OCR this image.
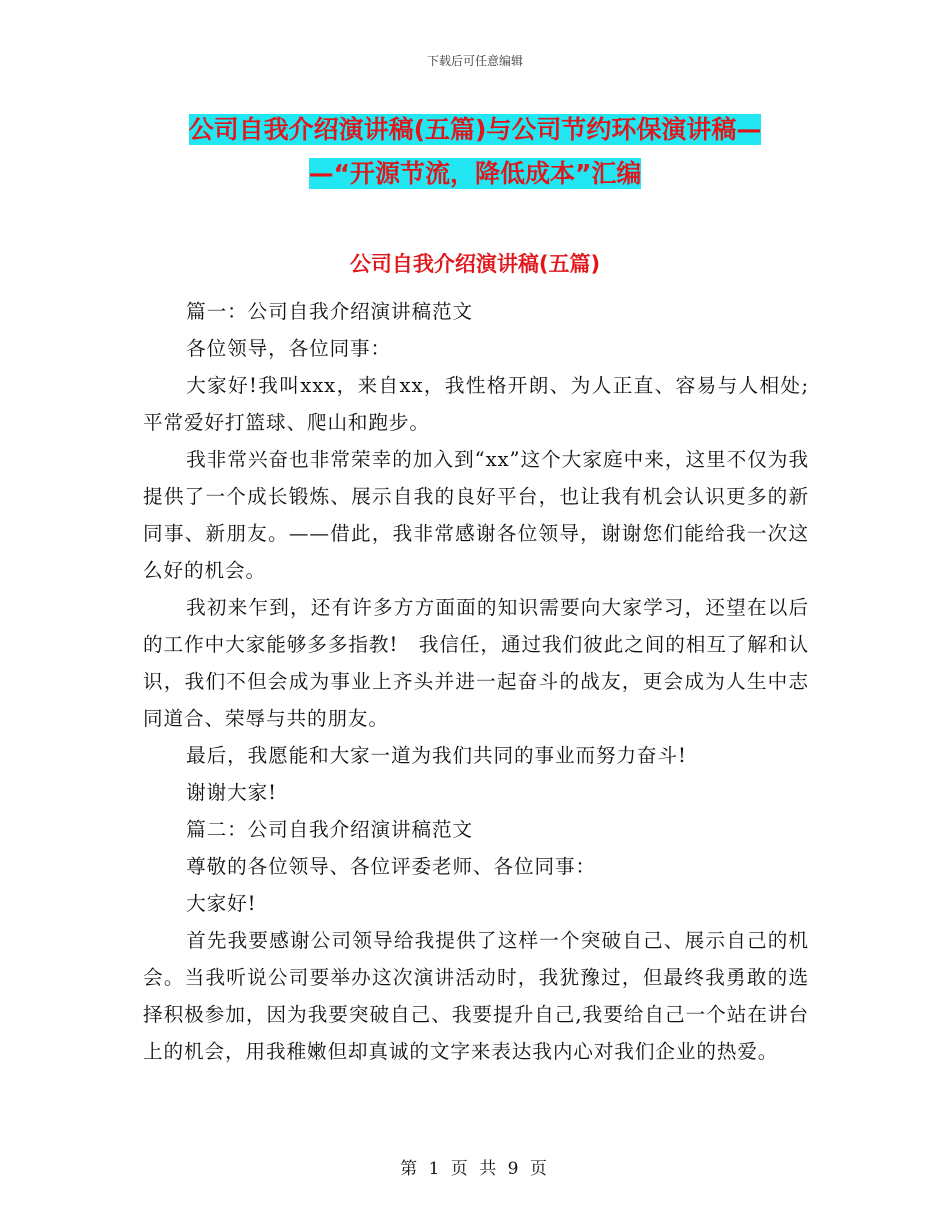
下载后可任意编辑
公司自我介绍演讲稿(五篇)与公司节约环保演讲稿—
—“开源节流，降低成本”汇编
公司自我介绍演讲稿(五篇)

篇一：公司自我介绍演讲稿范文

各位领导，各位同事：

大家好!我叫xxx，来自xx，我性格开朗、为人正直、容易与人相处;平常爱好打篮球、爬山和跑步。

我非常兴奋也非常荣幸的加入到“xx”这个大家庭中来，这里不仅为我提供了一个成长锻炼、展示自我的良好平台，也让我有机会认识更多的新同事、新朋友。——借此，我非常感谢各位领导，谢谢您们能给我一次这么好的机会。

我初来乍到，还有许多方方面面的知识需要向大家学习，还望在以后的工作中大家能够多多指教!　我信任，通过我们彼此之间的相互了解和认识，我们不但会成为事业上齐头并进一起奋斗的战友，更会成为人生中志同道合、荣辱与共的朋友。

最后，我愿能和大家一道为我们共同的事业而努力奋斗!

谢谢大家!

篇二：公司自我介绍演讲稿范文

尊敬的各位领导、各位评委老师、各位同事：

大家好!

首先我要感谢公司领导给我提供了这样一个突破自己、展示自己的机会。当我听说公司要举办这次演讲活动时，我犹豫过，但最终我勇敢的选择积极参加，因为我要突破自己、我要提升自己,我要给自己一个站在讲台上的机会，用我稚嫩但却真诚的文字来表达我内心对我们企业的热爱。

第 1 页 共 9 页
